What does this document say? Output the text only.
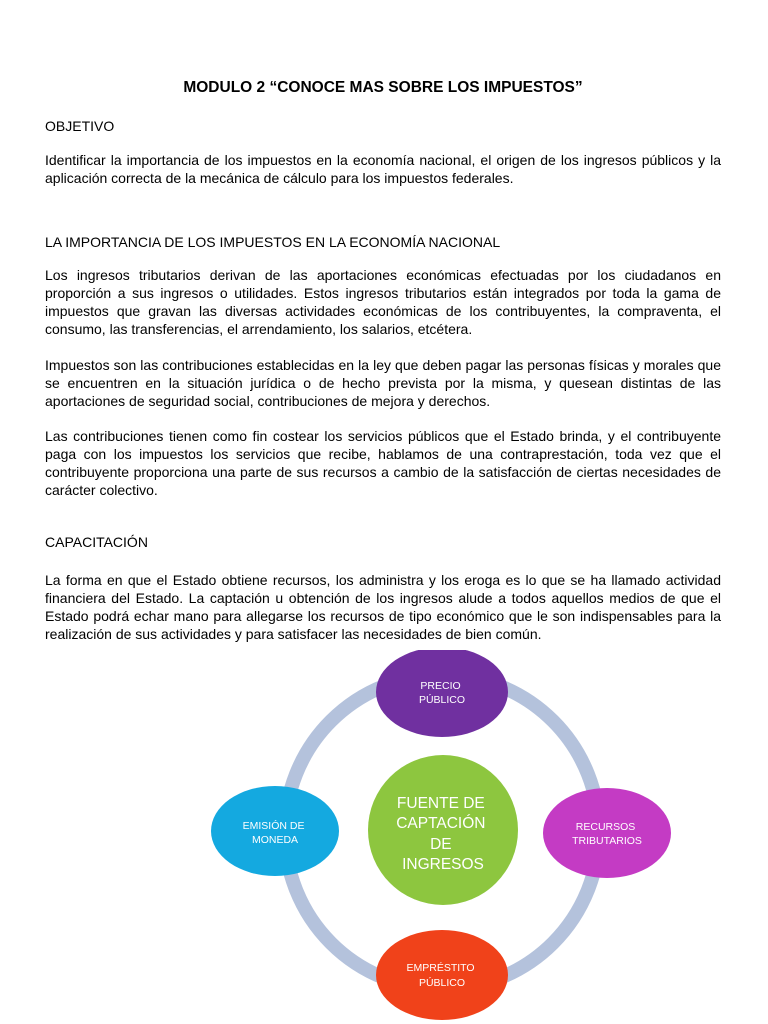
MODULO 2 “CONOCE MAS SOBRE LOS IMPUESTOS”
OBJETIVO
Identificar la importancia de los impuestos en la economía nacional, el origen de los ingresos públicos y la aplicación correcta de la mecánica de cálculo para los impuestos federales.
LA IMPORTANCIA DE LOS IMPUESTOS EN LA ECONOMÍA NACIONAL
Los ingresos tributarios derivan de las aportaciones económicas efectuadas por los ciudadanos en proporción a sus ingresos o utilidades. Estos ingresos tributarios están integrados por toda la gama de impuestos que gravan las diversas actividades económicas de los contribuyentes, la compraventa, el consumo, las transferencias, el arrendamiento, los salarios, etcétera.
Impuestos son las contribuciones establecidas en la ley que deben pagar las personas físicas y morales que se encuentren en la situación jurídica o de hecho prevista por la misma, y quesean distintas de las aportaciones de seguridad social, contribuciones de mejora y derechos.
Las contribuciones tienen como fin costear los servicios públicos que el Estado brinda, y el contribuyente paga con los impuestos los servicios que recibe, hablamos de una contraprestación, toda vez que el contribuyente proporciona una parte de sus recursos a cambio de la satisfacción de ciertas necesidades de carácter colectivo.
CAPACITACIÓN
La forma en que el Estado obtiene recursos, los administra y los eroga es lo que se ha llamado actividad financiera del Estado. La captación u obtención de los ingresos alude a todos aquellos medios de que el Estado podrá echar mano para allegarse los recursos de tipo económico que le son indispensables para la realización de sus actividades y para satisfacer las necesidades de bien común.
FUENTE DE CAPTACIÓN DE INGRESOS
PRECIO PÚBLICO
RECURSOS TRIBUTARIOS
EMPRÉSTITO PÚBLICO
EMISIÓN DE MONEDA
